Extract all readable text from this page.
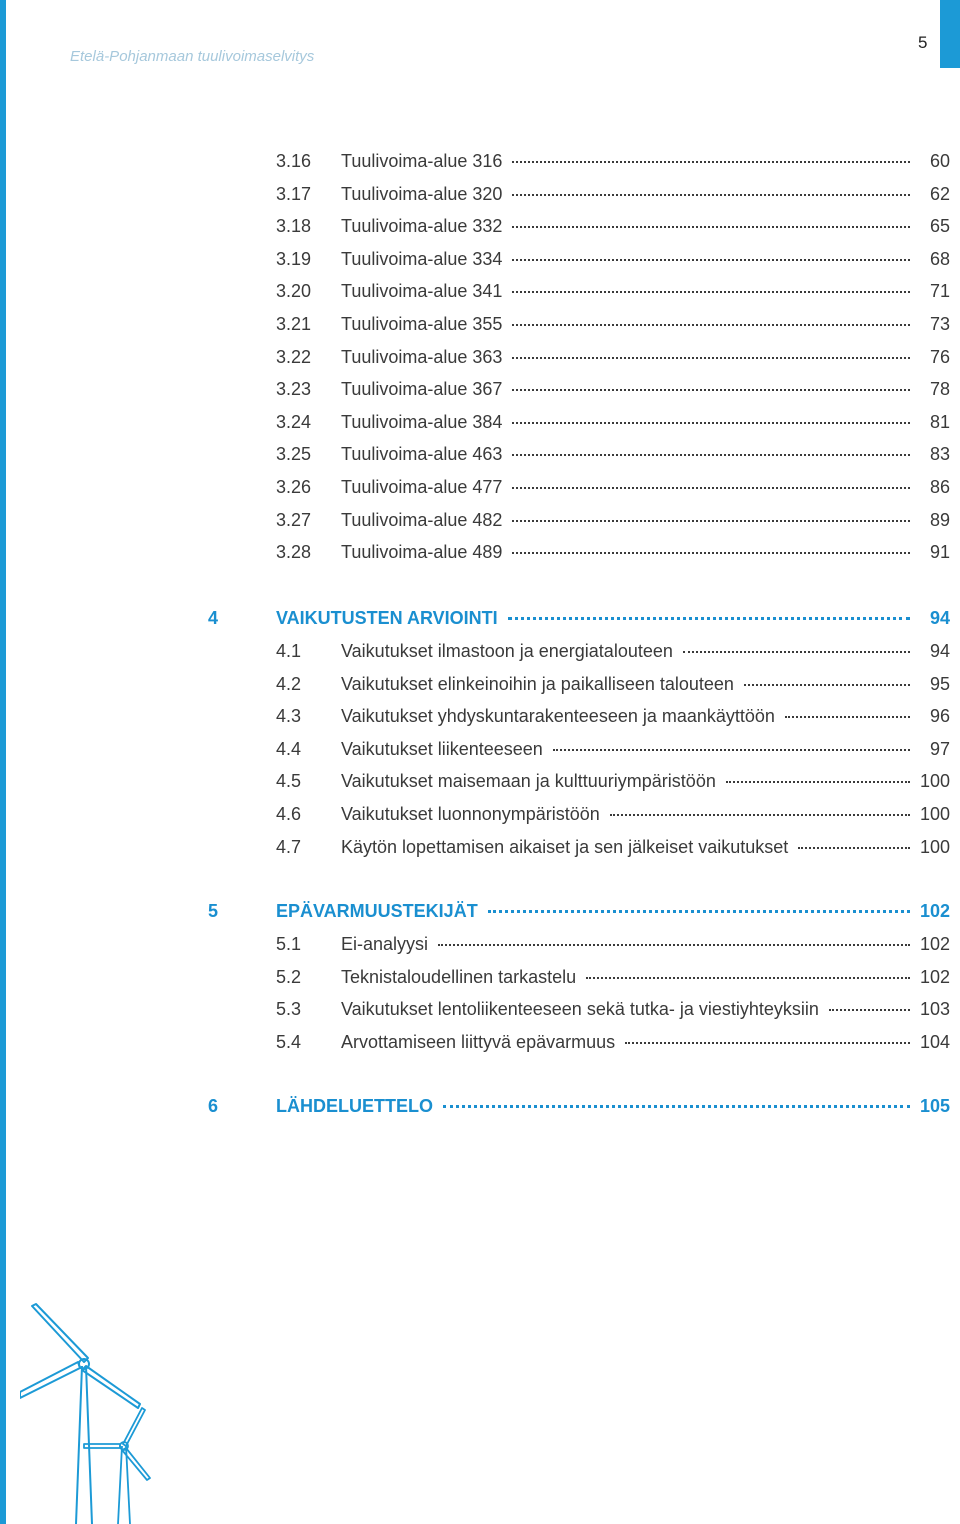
Etelä-Pohjanmaan tuulivoimaselvitys
5
3.16 Tuulivoima-alue 316	60
3.17 Tuulivoima-alue 320	62
3.18 Tuulivoima-alue 332	65
3.19 Tuulivoima-alue 334	68
3.20 Tuulivoima-alue 341	71
3.21 Tuulivoima-alue 355	73
3.22 Tuulivoima-alue 363	76
3.23 Tuulivoima-alue 367	78
3.24 Tuulivoima-alue 384	81
3.25 Tuulivoima-alue 463	83
3.26 Tuulivoima-alue 477	86
3.27 Tuulivoima-alue 482	89
3.28 Tuulivoima-alue 489	91
4	VAIKUTUSTEN ARVIOINTI	94
4.1 Vaikutukset ilmastoon ja energiatalouteen	94
4.2 Vaikutukset elinkeinoihin ja paikalliseen talouteen	95
4.3 Vaikutukset yhdyskuntarakenteeseen ja maankäyttöön	96
4.4 Vaikutukset liikenteeseen	97
4.5 Vaikutukset maisemaan ja kulttuuriympäristöön	100
4.6 Vaikutukset luonnonympäristöön	100
4.7 Käytön lopettamisen aikaiset ja sen jälkeiset vaikutukset	100
5	EPÄVARMUUSTEKIJÄT	102
5.1 Ei-analyysi	102
5.2 Teknistaloudellinen tarkastelu	102
5.3 Vaikutukset lentoliikenteeseen sekä tutka- ja viestiyhteyksiin	103
5.4 Arvottamiseen liittyvä epävarmuus	104
6	LÄHDELUETTELO	105
